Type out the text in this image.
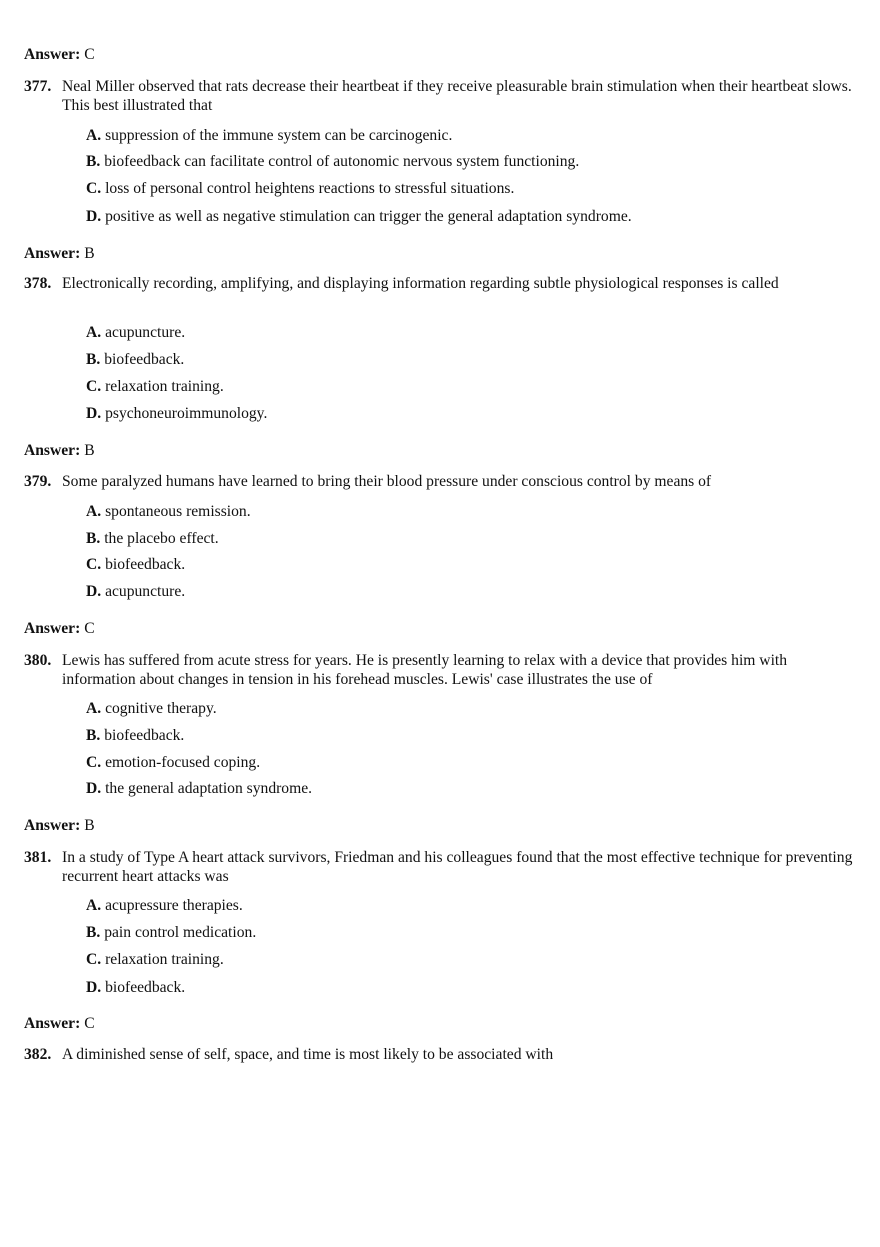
Answer: C
377. Neal Miller observed that rats decrease their heartbeat if they receive pleasurable brain stimulation when their heartbeat slows. This best illustrated that
A. suppression of the immune system can be carcinogenic.
B. biofeedback can facilitate control of autonomic nervous system functioning.
C. loss of personal control heightens reactions to stressful situations.
D. positive as well as negative stimulation can trigger the general adaptation syndrome.
Answer: B
378. Electronically recording, amplifying, and displaying information regarding subtle physiological responses is called
A. acupuncture.
B. biofeedback.
C. relaxation training.
D. psychoneuroimmunology.
Answer: B
379. Some paralyzed humans have learned to bring their blood pressure under conscious control by means of
A. spontaneous remission.
B. the placebo effect.
C. biofeedback.
D. acupuncture.
Answer: C
380. Lewis has suffered from acute stress for years. He is presently learning to relax with a device that provides him with information about changes in tension in his forehead muscles. Lewis' case illustrates the use of
A. cognitive therapy.
B. biofeedback.
C. emotion-focused coping.
D. the general adaptation syndrome.
Answer: B
381. In a study of Type A heart attack survivors, Friedman and his colleagues found that the most effective technique for preventing recurrent heart attacks was
A. acupressure therapies.
B. pain control medication.
C. relaxation training.
D. biofeedback.
Answer: C
382. A diminished sense of self, space, and time is most likely to be associated with
